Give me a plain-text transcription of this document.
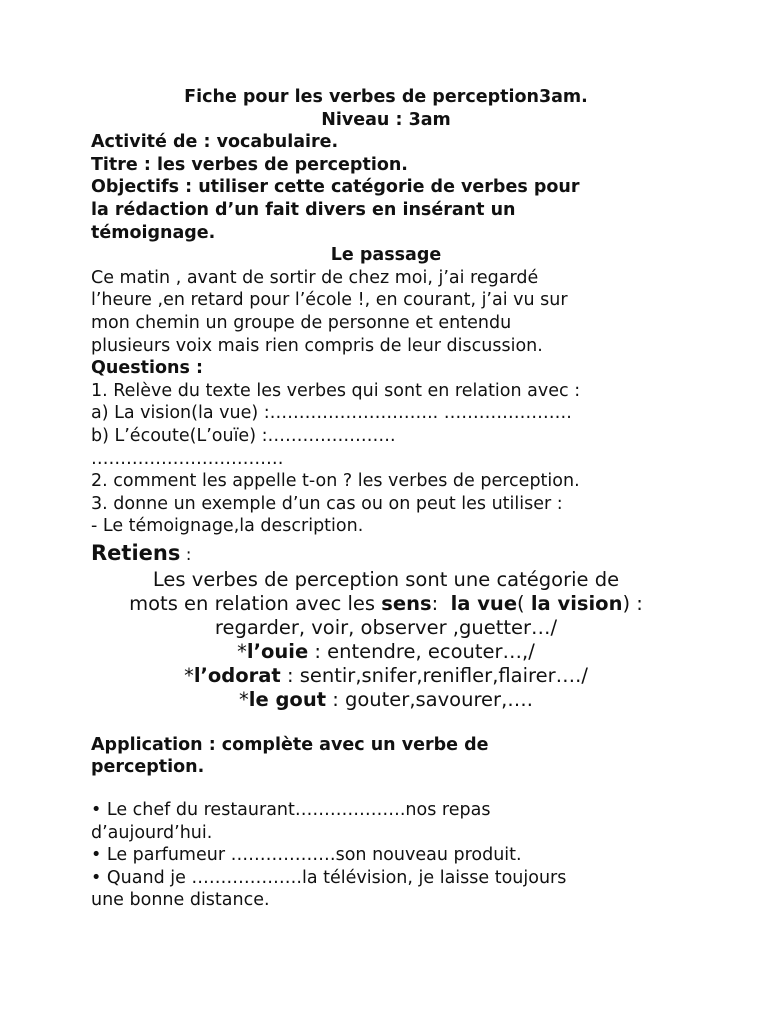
Fiche pour les verbes de perception3am.
Niveau : 3am
Activité de : vocabulaire.
Titre : les verbes de perception.
Objectifs : utiliser cette catégorie de verbes pour
la rédaction d’un fait divers en insérant un
témoignage.
Le passage
Ce matin , avant de sortir de chez moi, j’ai regardé
l’heure ,en retard pour l’école !, en courant, j’ai vu sur
mon chemin un groupe de personne et entendu
plusieurs voix mais rien compris de leur discussion.
Questions :
1. Relève du texte les verbes qui sont en relation avec :
a) La vision(la vue) :……………………….. ………………….
b) L’écoute(L’ouïe) :………………….
……………………………
2. comment les appelle t-on ? les verbes de perception.
3. donne un exemple d’un cas ou on peut les utiliser :
- Le témoignage,la description.
Retiens :
Les verbes de perception sont une catégorie de
mots en relation avec les sens:  la vue( la vision) :
regarder, voir, observer ,guetter…/
*l’ouie : entendre, ecouter…,/
*l’odorat : sentir,snifer,renifler,flairer…./
*le gout : gouter,savourer,….
Application : complète avec un verbe de
perception.
• Le chef du restaurant……………….nos repas
d’aujourd’hui.
• Le parfumeur ………………son nouveau produit.
• Quand je ……………….la télévision, je laisse toujours
une bonne distance.
